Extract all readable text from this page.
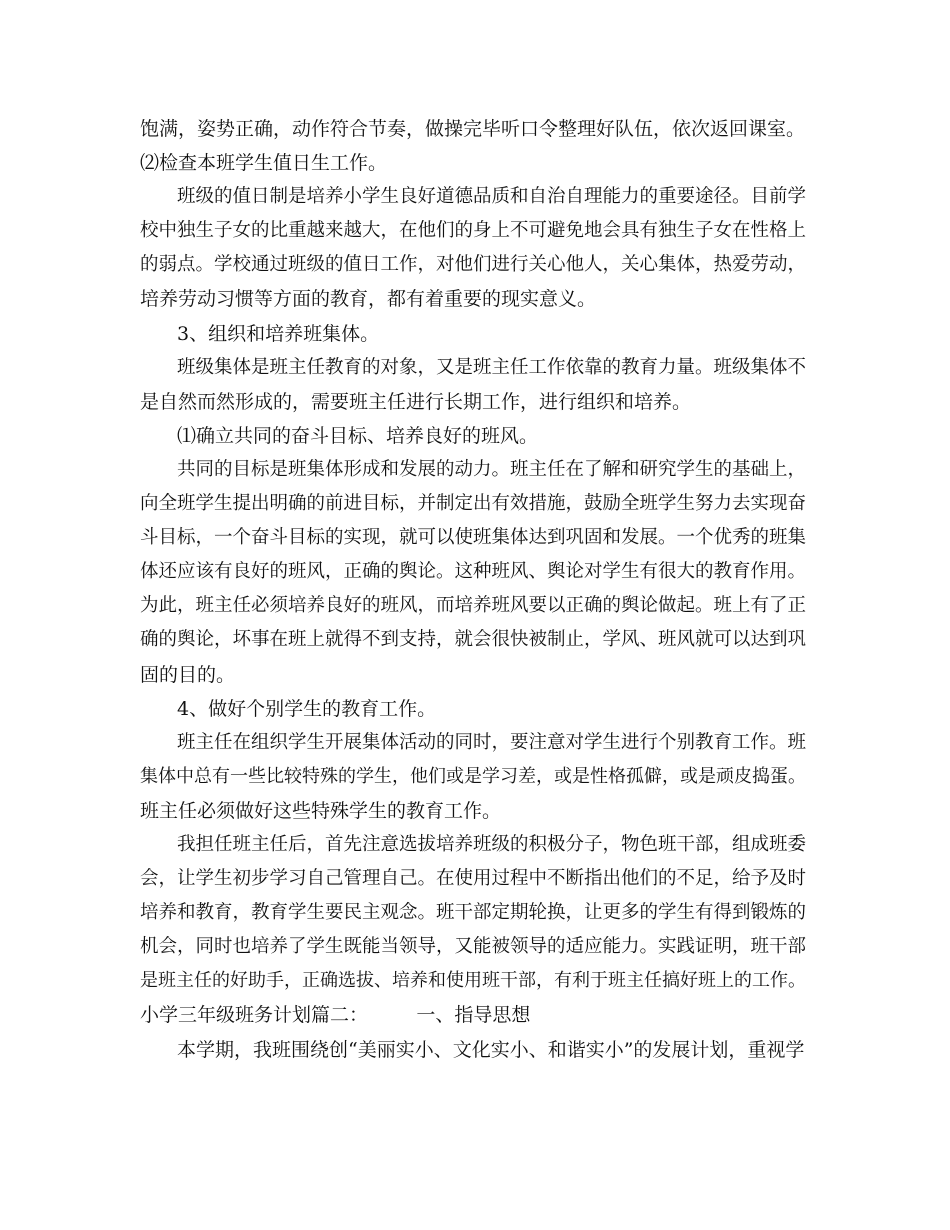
饱满，姿势正确，动作符合节奏，做操完毕听口令整理好队伍，依次返回课室。
⑵检查本班学生值日生工作。
班级的值日制是培养小学生良好道德品质和自治自理能力的重要途径。目前学
校中独生子女的比重越来越大，在他们的身上不可避免地会具有独生子女在性格上
的弱点。学校通过班级的值日工作，对他们进行关心他人，关心集体，热爱劳动，
培养劳动习惯等方面的教育，都有着重要的现实意义。
3、组织和培养班集体。
班级集体是班主任教育的对象，又是班主任工作依靠的教育力量。班级集体不
是自然而然形成的，需要班主任进行长期工作，进行组织和培养。
⑴确立共同的奋斗目标、培养良好的班风。
共同的目标是班集体形成和发展的动力。班主任在了解和研究学生的基础上，
向全班学生提出明确的前进目标，并制定出有效措施，鼓励全班学生努力去实现奋
斗目标，一个奋斗目标的实现，就可以使班集体达到巩固和发展。一个优秀的班集
体还应该有良好的班风，正确的舆论。这种班风、舆论对学生有很大的教育作用。
为此，班主任必须培养良好的班风，而培养班风要以正确的舆论做起。班上有了正
确的舆论，坏事在班上就得不到支持，就会很快被制止，学风、班风就可以达到巩
固的目的。
4、做好个别学生的教育工作。
班主任在组织学生开展集体活动的同时，要注意对学生进行个别教育工作。班
集体中总有一些比较特殊的学生，他们或是学习差，或是性格孤僻，或是顽皮捣蛋。
班主任必须做好这些特殊学生的教育工作。
我担任班主任后，首先注意选拔培养班级的积极分子，物色班干部，组成班委
会，让学生初步学习自己管理自己。在使用过程中不断指出他们的不足，给予及时
培养和教育，教育学生要民主观念。班干部定期轮换，让更多的学生有得到锻炼的
机会，同时也培养了学生既能当领导，又能被领导的适应能力。实践证明，班干部
是班主任的好助手，正确选拔、培养和使用班干部，有利于班主任搞好班上的工作。
小学三年级班务计划篇二：        一、指导思想
本学期，我班围绕创“美丽实小、文化实小、和谐实小”的发展计划，重视学
